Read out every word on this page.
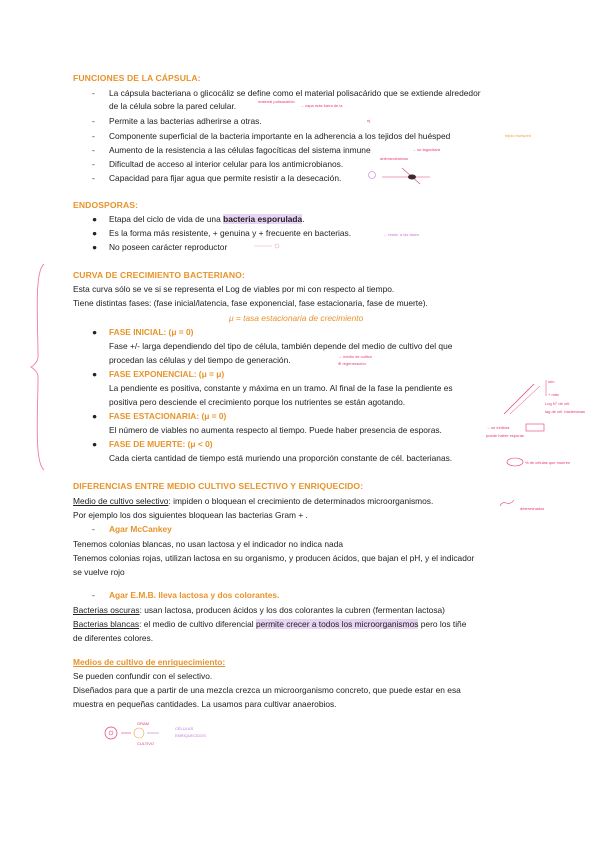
FUNCIONES DE LA CÁPSULA:
- La cápsula bacteriana o glicocáliz se define como el material polisacárido que se extiende alrededor
de la célula sobre la pared celular.
- Permite a las bacterias adherirse a otras.
- Componente superficial de la bacteria importante en la adherencia a los tejidos del huésped
- Aumento de la resistencia a las células fagocíticas del sistema inmune
- Dificultad de acceso al interior celular para los antimicrobianos.
- Capacidad para fijar agua que permite resistir a la desecación.
material polisacárido
→ capa más fuera de la
ej.
tejido huésped
→ se fagocitará
antimicrobianos
ENDOSPORAS:
● Etapa del ciclo de vida de una bacteria esporulada.
● Es la forma más resistente, + genuina y + frecuente en bacterias.
● No poseen carácter reproductor
→ resist. a las fases
CURVA DE CRECIMIENTO BACTERIANO:
Esta curva sólo se ve si se representa el Log de viables por mi con respecto al tiempo.
Tiene distintas fases: (fase inicial/latencia, fase exponencial, fase estacionaria, fase de muerte).
μ = tasa estacionaria de crecimiento
● FASE INICIAL: (μ = 0)
Fase +/- larga dependiendo del tipo de célula, también depende del medio de cultivo del que
procedan las células y del tiempo de generación.
● FASE EXPONENCIAL: (μ = μ)
La pendiente es positiva, constante y máxima en un tramo. Al final de la fase la pendiente es
positiva pero desciende el crecimiento porque los nutrientes se están agotando.
● FASE ESTACIONARIA: (μ = 0)
El número de viables no aumenta respecto al tiempo. Puede haber presencia de esporas.
● FASE DE MUERTE: (μ < 0)
Cada cierta cantidad de tiempo está muriendo una proporción constante de cél. bacterianas.
→ medio de cultivo
⊕ regeneración
→ se inhibirá
puede haber esporas
Log N° de cél.
lag de cél. bacterianas
min
+ máx
% de células que mueren
DIFERENCIAS ENTRE MEDIO CULTIVO SELECTIVO Y ENRIQUECIDO:
Medio de cultivo selectivo: impiden o bloquean el crecimiento de determinados microorganismos.
Por ejemplo los dos siguientes bloquean las bacterias Gram + .
- Agar McCankey
Tenemos colonias blancas, no usan lactosa y el indicador no indica nada
Tenemos colonias rojas, utilizan lactosa en su organismo, y producen ácidos, que bajan el pH, y el indicador
se vuelve rojo
- Agar E.M.B. lleva lactosa y dos colorantes.
Bacterias oscuras: usan lactosa, producen ácidos y los dos colorantes la cubren (fermentan lactosa)
Bacterias blancas: el medio de cultivo diferencial permite crecer a todos los microorganismos pero los tiñe
de diferentes colores.
determinados
Medios de cultivo de enriquecimiento:
Se pueden confundir con el selectivo.
Diseñados para que a partir de una mezcla crezca un microorganismo concreto, que puede estar en esa
muestra en pequeñas cantidades. La usamos para cultivar anaerobios.
GRAM
CULTIVO
CÉLULAS
ENRIQUECIDOS
